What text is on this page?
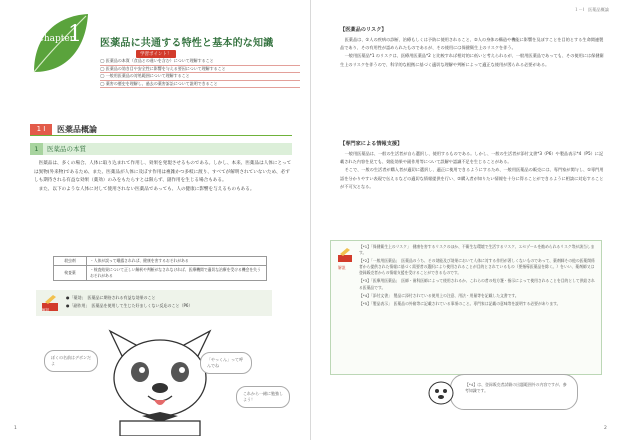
Chapter
1 医薬品に共通する特性と基本的な知識
学習ポイント！
◯ 医薬品の本質（食品との違いを含む）について理解すること
◯ 医薬品の効き目や安全性に影響を与える要因について理解すること
◯ 一般用医薬品の対処範囲について理解すること
◯ 薬害の歴史を理解し、過去の薬害訴訟について説明できること
1 Ⅰ	医薬品概論
1	医薬品の本質

医薬品は、多くの場合、人体に取り込まれて作用し、効果を発現させるものである。しかし、本来、医薬品は人体にとっては異物(外来物)であるため、また、医薬品が人体に及ぼす作用は複雑かつ多岐に渡り、すべてが解明されていないため、必ずしも期待される有益な効果（薬効）のみをもたらすとは限らず、副作用を生じる場合もある。

また、以下のような人体に対して使用されない医薬品であっても、人の健康に影響を与えるものもある。

殺虫剤	・人体が誤って曝露されれば、健康を害するおそれがある
検査薬	・検査結果について正しい解釈や判断がなされなければ、医療機関で適切な治療を受ける機会を失うおそれがある
解説
●「薬効」　医薬品に期待される有益な効果のこと
●「副作用」　医薬品を使用して生じた好ましくない反応のこと（P6）
ぼくの名前はデボンだよ
「やっくん」って呼んでね
これから一緒に勉強しよう！
1
１－Ⅰ　医薬品概論
【医薬品のリスク】

医薬品は、①人の疾病の診断、治療もしくは予防に使用されること、②人の身体の構造や機能に影響を及ぼすことを目的とする生命関連製品であり、その有用性が認められたものであるが、その使用には保健衛生上のリスクを伴う。

一般用医薬品*1 のリスクは、医療用医薬品*2 と比較すれば相対的に低いと考えられるが、一般用医薬品であっても、その使用には保健衛生上のリスクを伴うので、科学的な根拠に基づく適切な理解や判断によって適正な使用が図られる必要がある。

【専門家による情報支援】

一般用医薬品は、一般の生活者が自ら選択し、使用するものである。しかし、一般の生活者が添付文書*3（P6）や製品表示*4（P5）に記載された内容を見ても、効能効果や副作用等について誤解や認識不足を生じることがある。

そこで、一般の生活者が購入者が適切に選択し、適正に使用できるようにするため、一般用医薬品の販売には、専門家が関与し、①専門用語を分かりやすい表現で伝えるなどの適切な情報提供を行い、②購入者が知りたい情報を十分に得ることができるように相談に対応することが不可欠となる。

解説
【*1】「保健衛生上のリスク」　健康を害するリスクのほか、不衛生な環境で生活するリスク、エセゾールを勧められるリスク等が該当します。
【*2】「一般用医薬品」　医薬品のうち、その効能及び効果において人体に対する作用が著しくないものであって、薬剤師その他の医薬関係者から提供された情報に基づく需要者の選択により使用されることが目的とされているもの（要指導医薬品を除く。）をいい、薬剤師又は登録販売者からの情報支援を受けることができるものです。
【*3】「医療用医薬品」　医師・歯科医師によって使用されるか、これらの者の処方箋・指示によって使用されることを目的として供給される医薬品です。
【*4】「添付文書」　製品に添付されている使用上の注意、用法・用量等を記載した文書です。
【*5】「製品表示」　医薬品の外箱等に記載されている事項のこと。専門家は記載の意味等を説明する必要があります。
【*4】は、登録販売者試験の出題範囲外の内容ですが、参考知識です。
2
